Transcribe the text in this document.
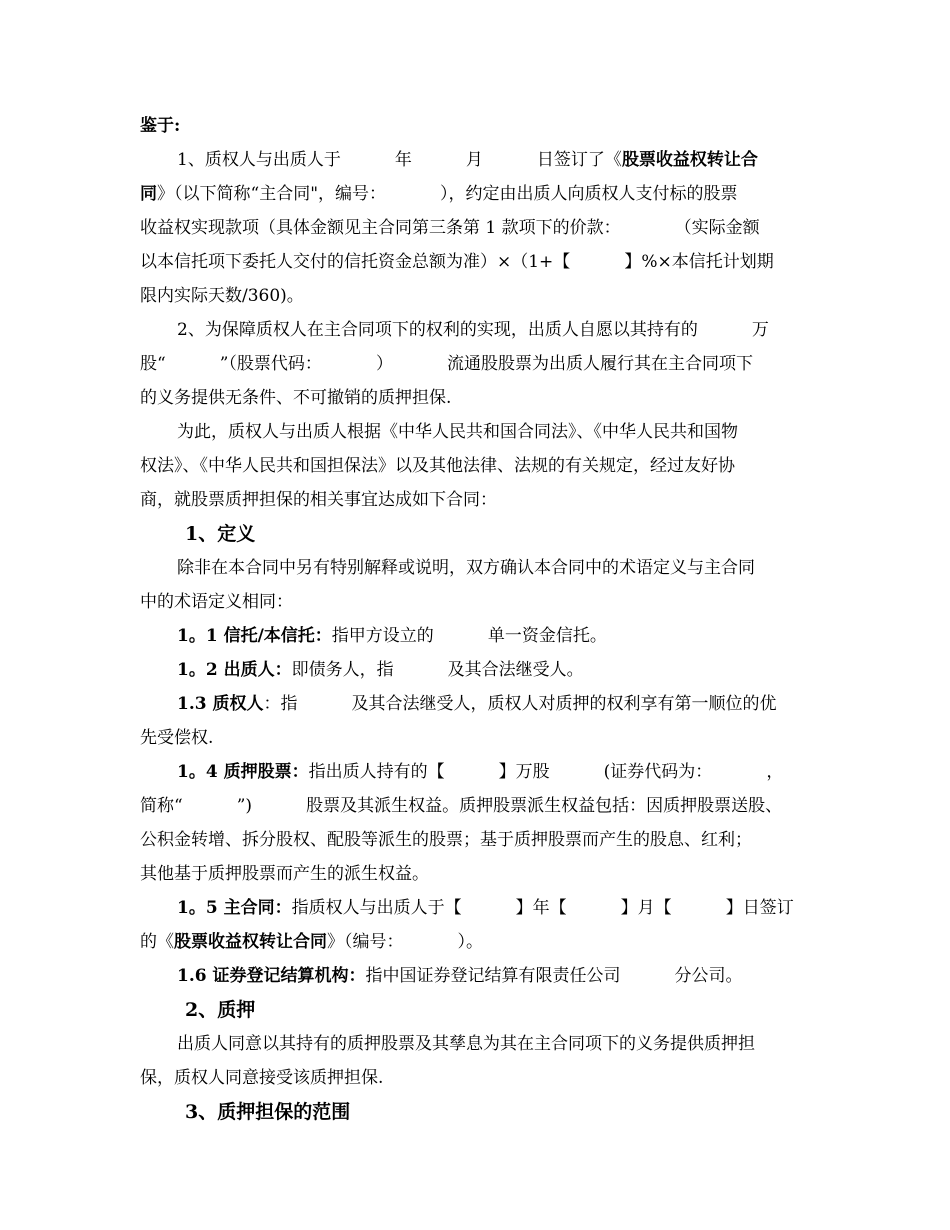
鉴于:
1、质权人与出质人于          年          月          日签订了《股票收益权转让合
同》（以下简称“主合同"，编号：          ），约定由出质人向质权人支付标的股票
收益权实现款项（具体金额见主合同第三条第 1 款项下的价款：          （实际金额
以本信托项下委托人交付的信托资金总额为准）×（1+【          】%×本信托计划期
限内实际天数/360)。
2、为保障质权人在主合同项下的权利的实现，出质人自愿以其持有的          万
股“          ”（股票代码：          ）          流通股股票为出质人履行其在主合同项下
的义务提供无条件、不可撤销的质押担保.
为此，质权人与出质人根据《中华人民共和国合同法》、《中华人民共和国物
权法》、《中华人民共和国担保法》以及其他法律、法规的有关规定，经过友好协
商，就股票质押担保的相关事宜达成如下合同：
1、定义
除非在本合同中另有特别解释或说明，双方确认本合同中的术语定义与主合同
中的术语定义相同：
1。1 信托/本信托：指甲方设立的          单一资金信托。
1。2 出质人：即债务人，指          及其合法继受人。
1.3 质权人：指          及其合法继受人，质权人对质押的权利享有第一顺位的优
先受偿权.
1。4 质押股票：指出质人持有的【          】万股          (证券代码为：          ，
简称“          ”)          股票及其派生权益。质押股票派生权益包括：因质押股票送股、
公积金转增、拆分股权、配股等派生的股票；基于质押股票而产生的股息、红利；
其他基于质押股票而产生的派生权益。
1。5 主合同：指质权人与出质人于【          】年【          】月【          】日签订
的《股票收益权转让合同》（编号：          ）。
1.6 证券登记结算机构：指中国证券登记结算有限责任公司          分公司。
2、质押
出质人同意以其持有的质押股票及其孳息为其在主合同项下的义务提供质押担
保，质权人同意接受该质押担保.
3、质押担保的范围
